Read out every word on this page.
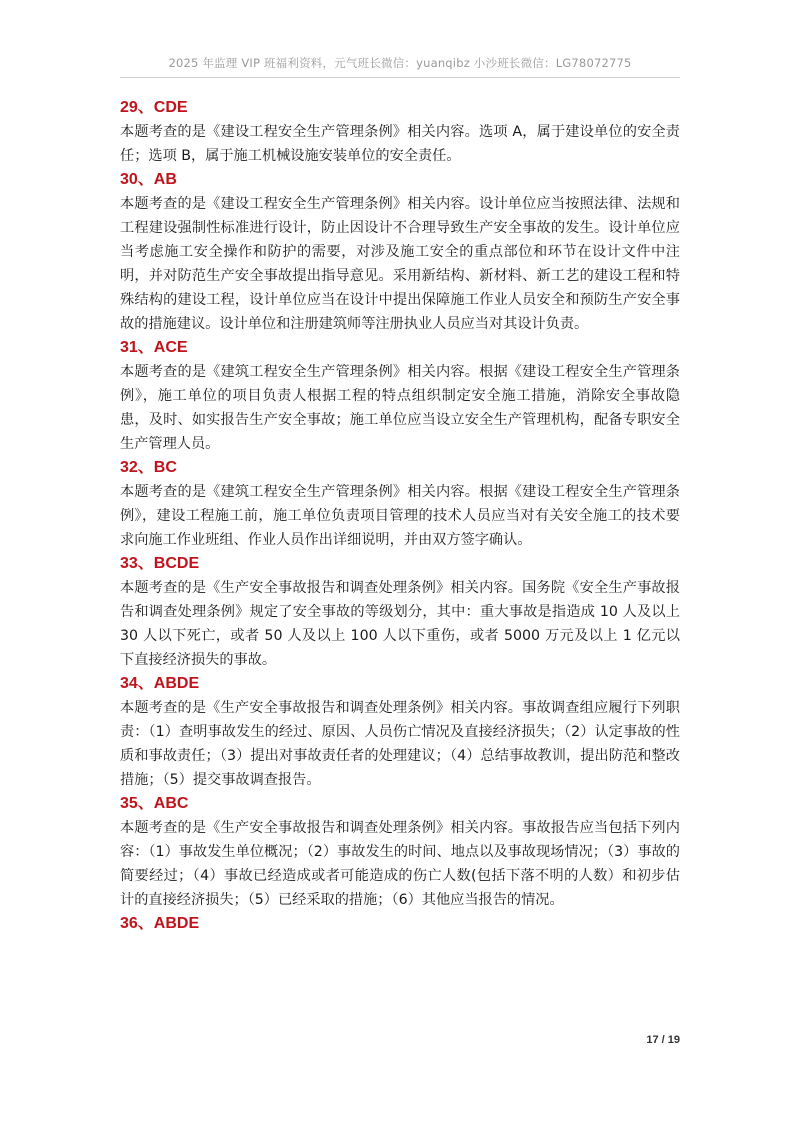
2025 年监理 VIP 班福利资料，元气班长微信：yuanqibz 小沙班长微信：LG78072775
29、CDE

本题考查的是《建设工程安全生产管理条例》相关内容。选项 A，属于建设单位的安全责任；选项 B，属于施工机械设施安装单位的安全责任。

30、AB

本题考查的是《建设工程安全生产管理条例》相关内容。设计单位应当按照法律、法规和工程建设强制性标准进行设计，防止因设计不合理导致生产安全事故的发生。设计单位应当考虑施工安全操作和防护的需要，对涉及施工安全的重点部位和环节在设计文件中注明，并对防范生产安全事故提出指导意见。采用新结构、新材料、新工艺的建设工程和特殊结构的建设工程，设计单位应当在设计中提出保障施工作业人员安全和预防生产安全事故的措施建议。设计单位和注册建筑师等注册执业人员应当对其设计负责。

31、ACE

本题考查的是《建筑工程安全生产管理条例》相关内容。根据《建设工程安全生产管理条例》，施工单位的项目负责人根据工程的特点组织制定安全施工措施，消除安全事故隐患，及时、如实报告生产安全事故；施工单位应当设立安全生产管理机构，配备专职安全生产管理人员。

32、BC

本题考查的是《建筑工程安全生产管理条例》相关内容。根据《建设工程安全生产管理条例》，建设工程施工前，施工单位负责项目管理的技术人员应当对有关安全施工的技术要求向施工作业班组、作业人员作出详细说明，并由双方签字确认。

33、BCDE

本题考查的是《生产安全事故报告和调查处理条例》相关内容。国务院《安全生产事故报告和调查处理条例》规定了安全事故的等级划分，其中：重大事故是指造成 10 人及以上 30 人以下死亡，或者 50 人及以上 100 人以下重伤，或者 5000 万元及以上 1 亿元以下直接经济损失的事故。

34、ABDE

本题考查的是《生产安全事故报告和调查处理条例》相关内容。事故调查组应履行下列职责：（1）查明事故发生的经过、原因、人员伤亡情况及直接经济损失；（2）认定事故的性质和事故责任；（3）提出对事故责任者的处理建议；（4）总结事故教训，提出防范和整改措施；（5）提交事故调查报告。

35、ABC

本题考查的是《生产安全事故报告和调查处理条例》相关内容。事故报告应当包括下列内容：（1）事故发生单位概况；（2）事故发生的时间、地点以及事故现场情况；（3）事故的简要经过；（4）事故已经造成或者可能造成的伤亡人数(包括下落不明的人数）和初步估计的直接经济损失；（5）已经采取的措施；（6）其他应当报告的情况。

36、ABDE
17 / 19
